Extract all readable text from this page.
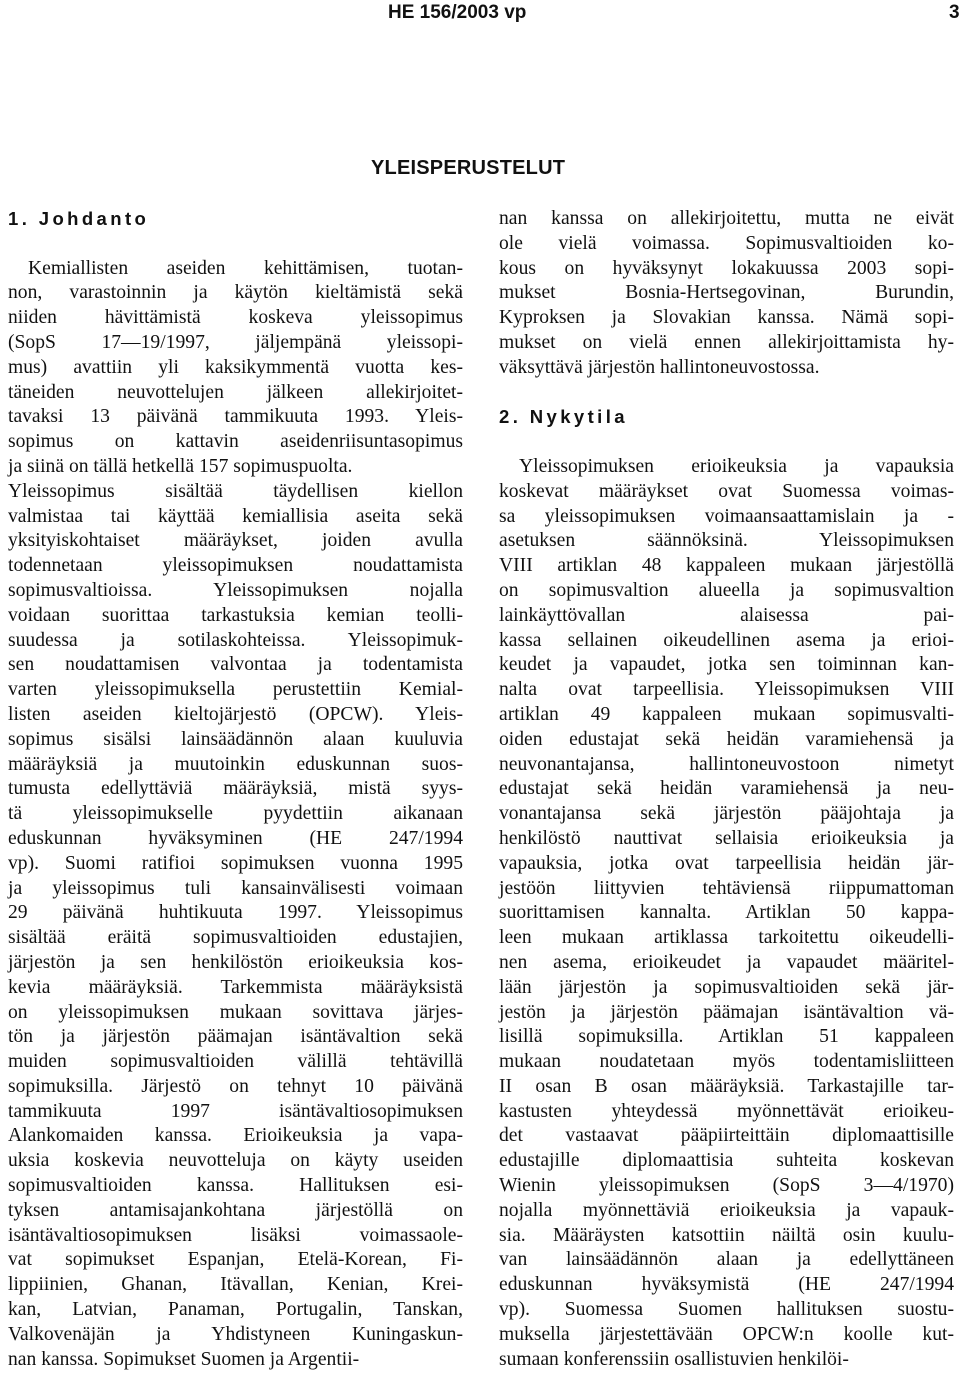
HE 156/2003 vp	3
YLEISPERUSTELUT
1. Johdanto
Kemiallisten aseiden kehittämisen, tuotan-
non, varastoinnin ja käytön kieltämistä sekä
niiden hävittämistä koskeva yleissopimus
(SopS 17—19/1997, jäljempänä yleissopi-
mus) avattiin yli kaksikymmentä vuotta kes-
täneiden neuvottelujen jälkeen allekirjoitet-
tavaksi 13 päivänä tammikuuta 1993. Yleis-
sopimus on kattavin aseidenriisuntasopimus
ja siinä on tällä hetkellä 157 sopimuspuolta.
Yleissopimus sisältää täydellisen kiellon
valmistaa tai käyttää kemiallisia aseita sekä
yksityiskohtaiset määräykset, joiden avulla
todennetaan yleissopimuksen noudattamista
sopimusvaltioissa. Yleissopimuksen nojalla
voidaan suorittaa tarkastuksia kemian teolli-
suudessa ja sotilaskohteissa. Yleissopimuk-
sen noudattamisen valvontaa ja todentamista
varten yleissopimuksella perustettiin Kemial-
listen aseiden kieltojärjestö (OPCW). Yleis-
sopimus sisälsi lainsäädännön alaan kuuluvia
määräyksiä ja muutoinkin eduskunnan suos-
tumusta edellyttäviä määräyksiä, mistä syys-
tä yleissopimukselle pyydettiin aikanaan
eduskunnan hyväksyminen (HE 247/1994
vp). Suomi ratifioi sopimuksen vuonna 1995
ja yleissopimus tuli kansainvälisesti voimaan
29 päivänä huhtikuuta 1997. Yleissopimus
sisältää eräitä sopimusvaltioiden edustajien,
järjestön ja sen henkilöstön erioikeuksia kos-
kevia määräyksiä. Tarkemmista määräyksistä
on yleissopimuksen mukaan sovittava järjes-
tön ja järjestön päämajan isäntävaltion sekä
muiden sopimusvaltioiden välillä tehtävillä
sopimuksilla. Järjestö on tehnyt 10 päivänä
tammikuuta 1997 isäntävaltiosopimuksen
Alankomaiden kanssa. Erioikeuksia ja vapa-
uksia koskevia neuvotteluja on käyty useiden
sopimusvaltioiden kanssa. Hallituksen esi-
tyksen antamisajankohtana järjestöllä on
isäntävaltiosopimuksen lisäksi voimassaole-
vat sopimukset Espanjan, Etelä-Korean, Fi-
lippiinien, Ghanan, Itävallan, Kenian, Krei-
kan, Latvian, Panaman, Portugalin, Tanskan,
Valkovenäjän ja Yhdistyneen Kuningaskun-
nan kanssa. Sopimukset Suomen ja Argentii-
nan kanssa on allekirjoitettu, mutta ne eivät
ole vielä voimassa. Sopimusvaltioiden ko-
kous on hyväksynyt lokakuussa 2003 sopi-
mukset Bosnia-Hertsegovinan, Burundin,
Kyproksen ja Slovakian kanssa. Nämä sopi-
mukset on vielä ennen allekirjoittamista hy-
väksyttävä järjestön hallintoneuvostossa.
2. Nykytila
Yleissopimuksen erioikeuksia ja vapauksia
koskevat määräykset ovat Suomessa voimas-
sa yleissopimuksen voimaansaattamislain ja -
asetuksen säännöksinä. Yleissopimuksen
VIII artiklan 48 kappaleen mukaan järjestöllä
on sopimusvaltion alueella ja sopimusvaltion
lainkäyttövallan alaisessa pai-
kassa sellainen oikeudellinen asema ja erioi-
keudet ja vapaudet, jotka sen toiminnan kan-
nalta ovat tarpeellisia. Yleissopimuksen VIII
artiklan 49 kappaleen mukaan sopimusvalti-
oiden edustajat sekä heidän varamiehensä ja
neuvonantajansa, hallintoneuvostoon nimetyt
edustajat sekä heidän varamiehensä ja neu-
vonantajansa sekä järjestön pääjohtaja ja
henkilöstö nauttivat sellaisia erioikeuksia ja
vapauksia, jotka ovat tarpeellisia heidän jär-
jestöön liittyvien tehtäviensä riippumattoman
suorittamisen kannalta. Artiklan 50 kappa-
leen mukaan artiklassa tarkoitettu oikeudelli-
nen asema, erioikeudet ja vapaudet määritel-
lään järjestön ja sopimusvaltioiden sekä jär-
jestön ja järjestön päämajan isäntävaltion vä-
lisillä sopimuksilla. Artiklan 51 kappaleen
mukaan noudatetaan myös todentamisliitteen
II osan B osan määräyksiä. Tarkastajille tar-
kastusten yhteydessä myönnettävät erioikeu-
det vastaavat pääpiirteittäin diplomaattisille
edustajille diplomaattisia suhteita koskevan
Wienin yleissopimuksen (SopS 3—4/1970)
nojalla myönnettäviä erioikeuksia ja vapauk-
sia. Määräysten katsottiin näiltä osin kuulu-
van lainsäädännön alaan ja edellyttäneen
eduskunnan hyväksymistä (HE 247/1994
vp). Suomessa Suomen hallituksen suostu-
muksella järjestettävään OPCW:n koolle kut-
sumaan konferenssiin osallistuvien henkilöi-
